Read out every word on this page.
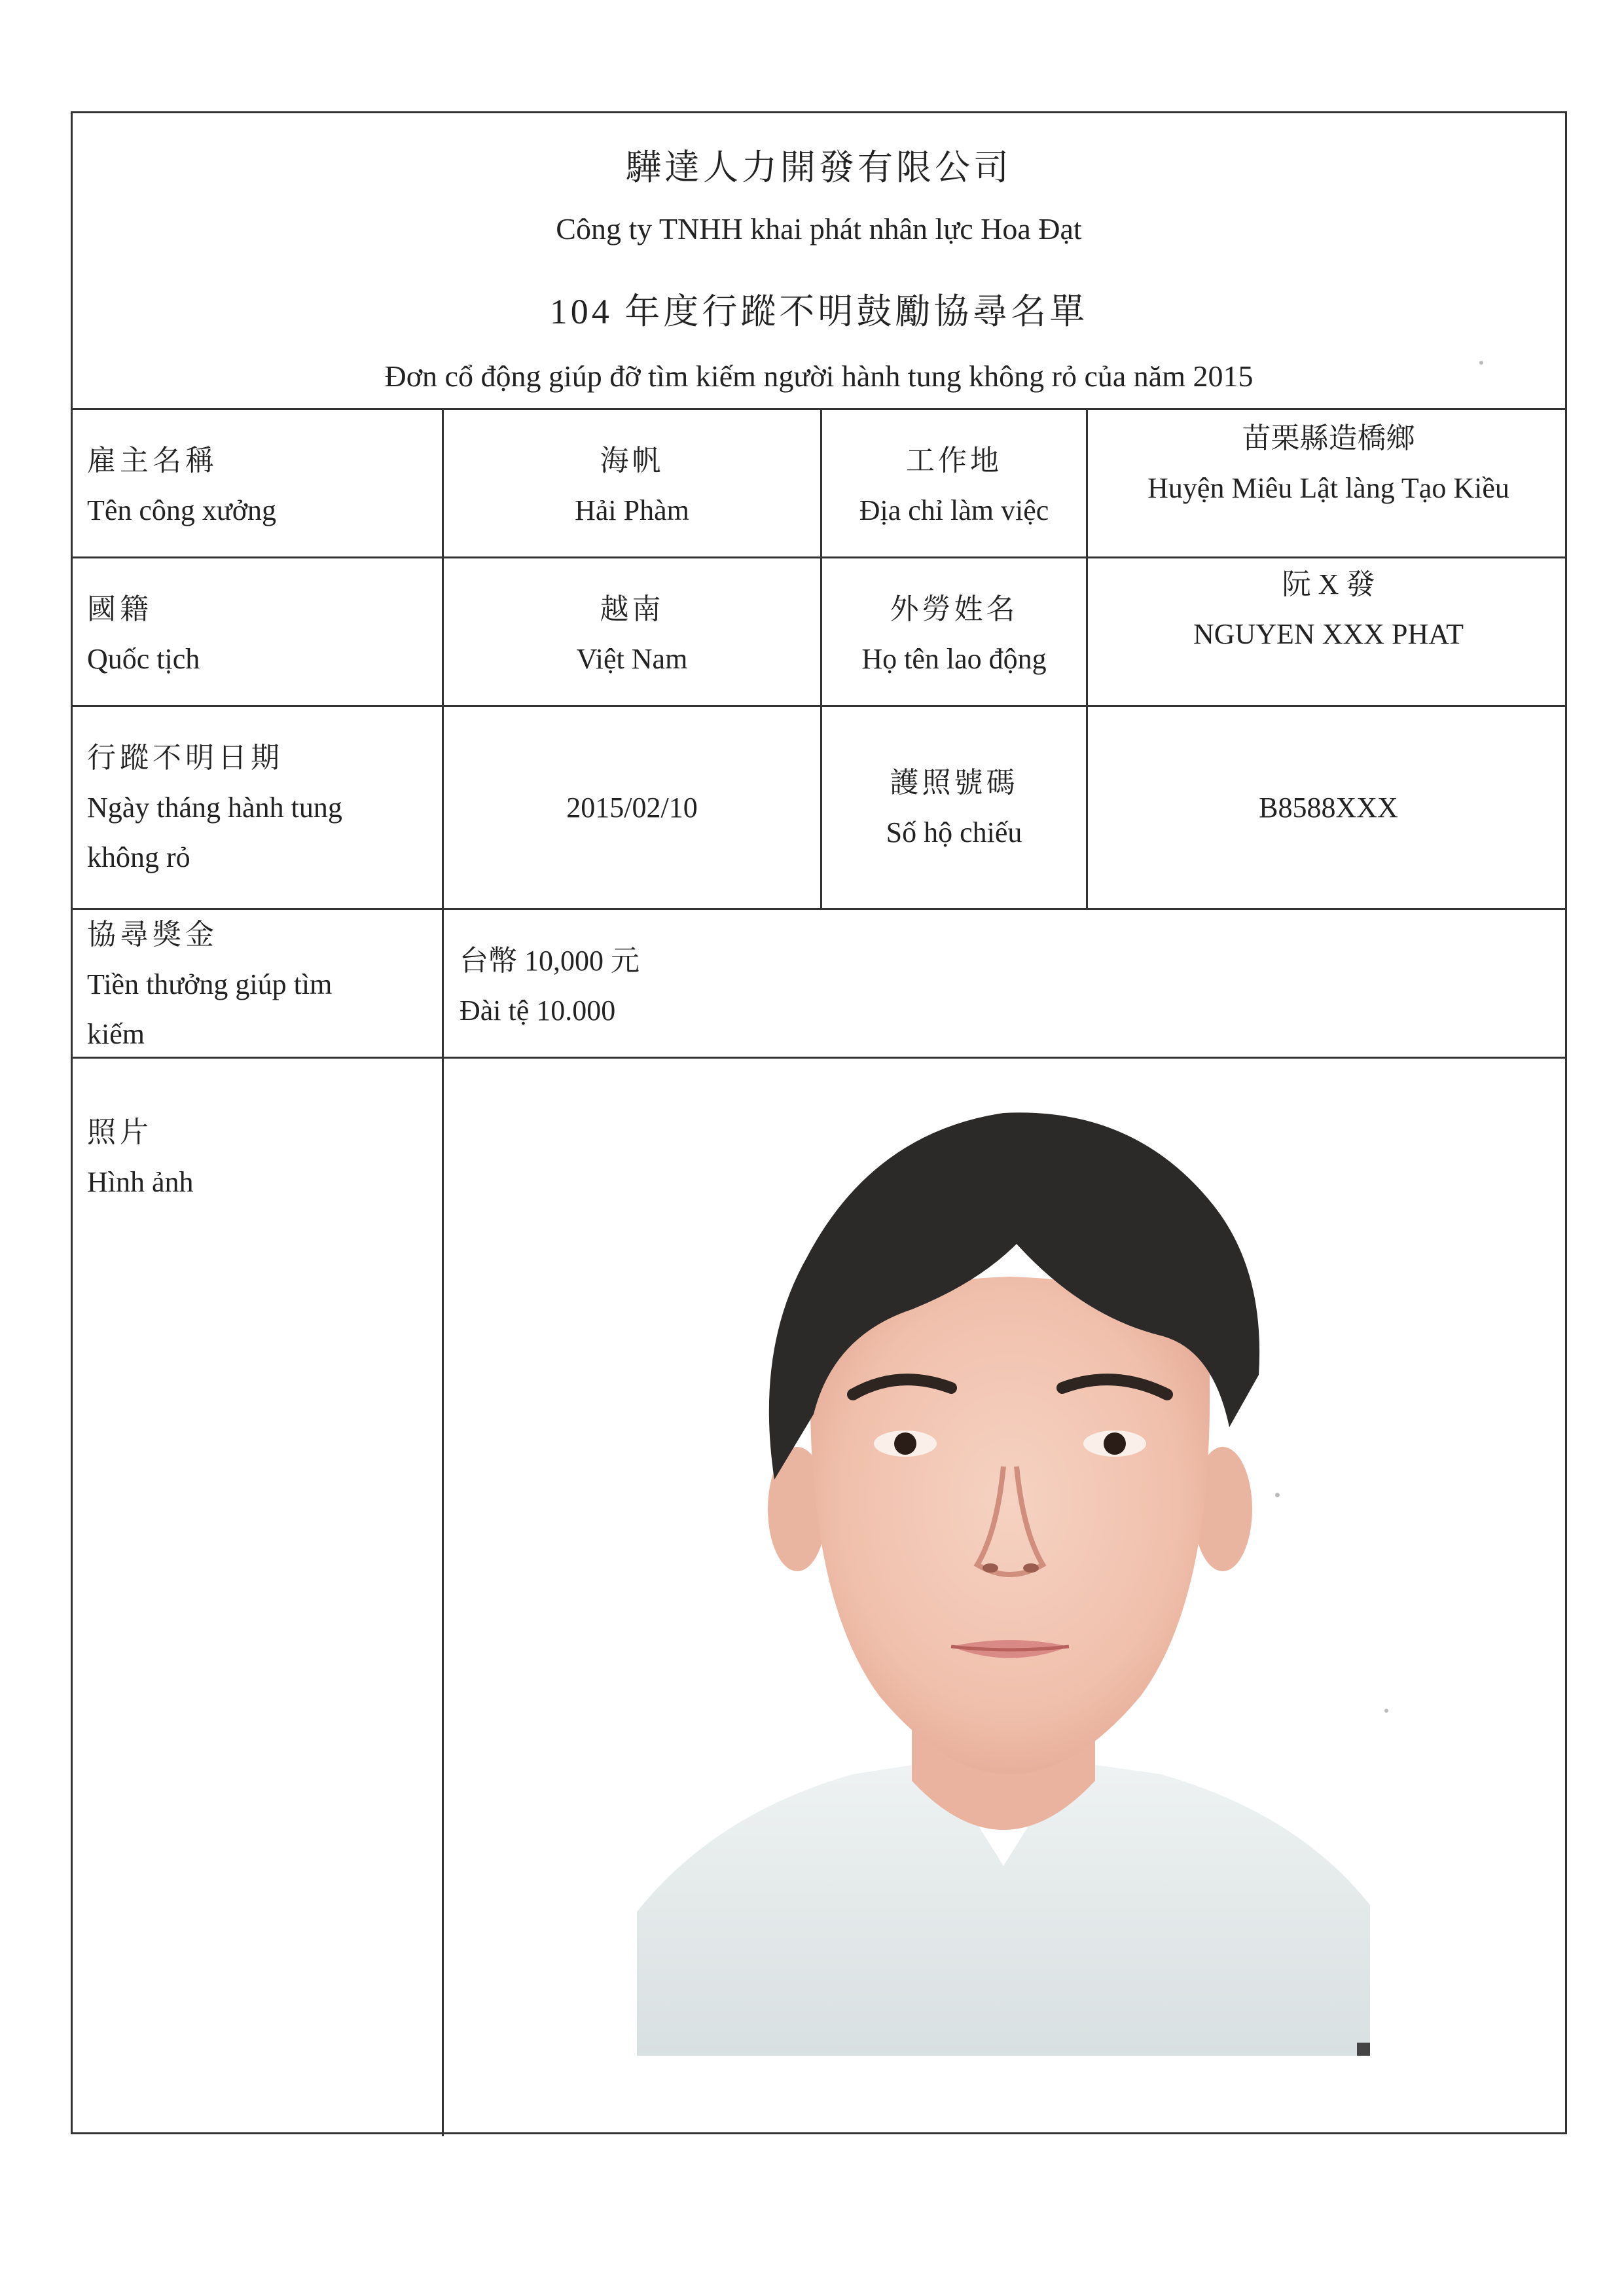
驊達人力開發有限公司
Công ty TNHH khai phát nhân lực Hoa Đạt
104 年度行蹤不明鼓勵協尋名單
Đơn cổ động giúp đỡ tìm kiếm người hành tung không rỏ của năm 2015
雇主名稱
Tên công xưởng
海帆
Hải Phàm
工作地
Địa chỉ làm việc
苗栗縣造橋鄉
Huyện Miêu Lật làng Tạo Kiều
國籍
Quốc tịch
越南
Việt Nam
外勞姓名
Họ tên lao động
阮 X 發
NGUYEN XXX PHAT
行蹤不明日期
Ngày tháng hành tung
không rỏ
2015/02/10
護照號碼
Số hộ chiếu
B8588XXX
協尋獎金
Tiền thưởng giúp tìm
kiếm
台幣 10,000 元
Đài tệ 10.000
照片
Hình ảnh
